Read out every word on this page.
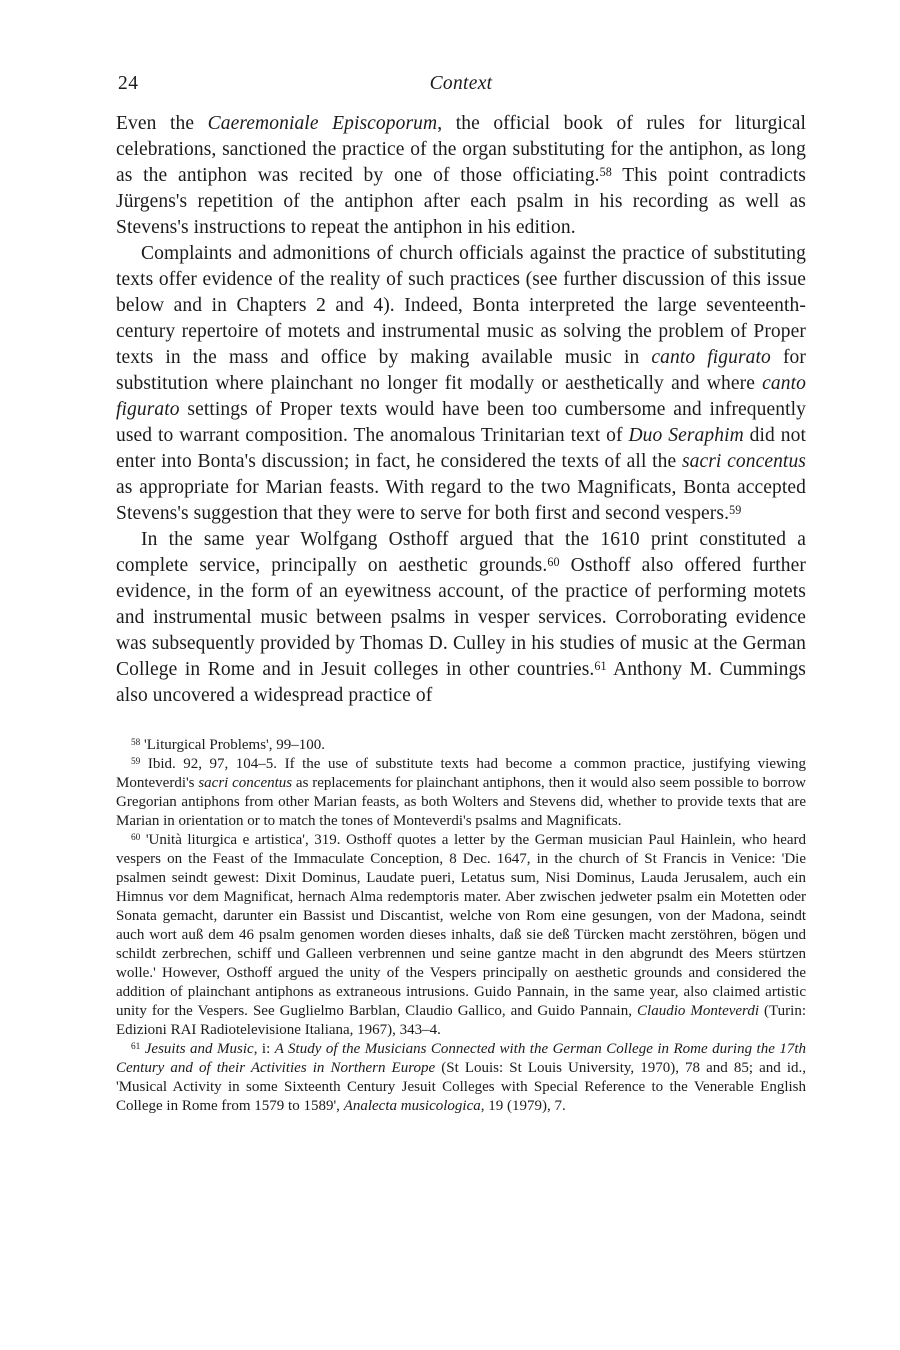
24	Context

Even the Caeremoniale Episcoporum, the official book of rules for liturgical celebrations, sanctioned the practice of the organ substituting for the antiphon, as long as the antiphon was recited by one of those officiating.$^{58}$ This point contradicts Jürgens's repetition of the antiphon after each psalm in his recording as well as Stevens's instructions to repeat the antiphon in his edition.

Complaints and admonitions of church officials against the practice of substituting texts offer evidence of the reality of such practices (see further discussion of this issue below and in Chapters 2 and 4). Indeed, Bonta interpreted the large seventeenth-century repertoire of motets and instrumental music as solving the problem of Proper texts in the mass and office by making available music in canto figurato for substitution where plainchant no longer fit modally or aesthetically and where canto figurato settings of Proper texts would have been too cumbersome and infrequently used to warrant composition. The anomalous Trinitarian text of Duo Seraphim did not enter into Bonta's discussion; in fact, he considered the texts of all the sacri concentus as appropriate for Marian feasts. With regard to the two Magnificats, Bonta accepted Stevens's suggestion that they were to serve for both first and second vespers.$^{59}$

In the same year Wolfgang Osthoff argued that the 1610 print constituted a complete service, principally on aesthetic grounds.$^{60}$ Osthoff also offered further evidence, in the form of an eyewitness account, of the practice of performing motets and instrumental music between psalms in vesper services. Corroborating evidence was subsequently provided by Thomas D. Culley in his studies of music at the German College in Rome and in Jesuit colleges in other countries.$^{61}$ Anthony M. Cummings also uncovered a widespread practice of

$^{58}$ 'Liturgical Problems', 99–100.

$^{59}$ Ibid. 92, 97, 104–5. If the use of substitute texts had become a common practice, justifying viewing Monteverdi's sacri concentus as replacements for plainchant antiphons, then it would also seem possible to borrow Gregorian antiphons from other Marian feasts, as both Wolters and Stevens did, whether to provide texts that are Marian in orientation or to match the tones of Monteverdi's psalms and Magnificats.

$^{60}$ 'Unità liturgica e artistica', 319. Osthoff quotes a letter by the German musician Paul Hainlein, who heard vespers on the Feast of the Immaculate Conception, 8 Dec. 1647, in the church of St Francis in Venice: 'Die psalmen seindt gewest: Dixit Dominus, Laudate pueri, Letatus sum, Nisi Dominus, Lauda Jerusalem, auch ein Himnus vor dem Magnificat, hernach Alma redemptoris mater. Aber zwischen jedweter psalm ein Motetten oder Sonata gemacht, darunter ein Bassist und Discantist, welche von Rom eine gesungen, von der Madona, seindt auch wort auß dem 46 psalm genomen worden dieses inhalts, daß sie deß Türcken macht zerstöhren, bögen und schildt zerbrechen, schiff und Galleen verbrennen und seine gantze macht in den abgrundt des Meers stürtzen wolle.' However, Osthoff argued the unity of the Vespers principally on aesthetic grounds and considered the addition of plainchant antiphons as extraneous intrusions. Guido Pannain, in the same year, also claimed artistic unity for the Vespers. See Guglielmo Barblan, Claudio Gallico, and Guido Pannain, Claudio Monteverdi (Turin: Edizioni RAI Radiotelevisione Italiana, 1967), 343–4.

$^{61}$ Jesuits and Music, i: A Study of the Musicians Connected with the German College in Rome during the 17th Century and of their Activities in Northern Europe (St Louis: St Louis University, 1970), 78 and 85; and id., 'Musical Activity in some Sixteenth Century Jesuit Colleges with Special Reference to the Venerable English College in Rome from 1579 to 1589', Analecta musicologica, 19 (1979), 7.
